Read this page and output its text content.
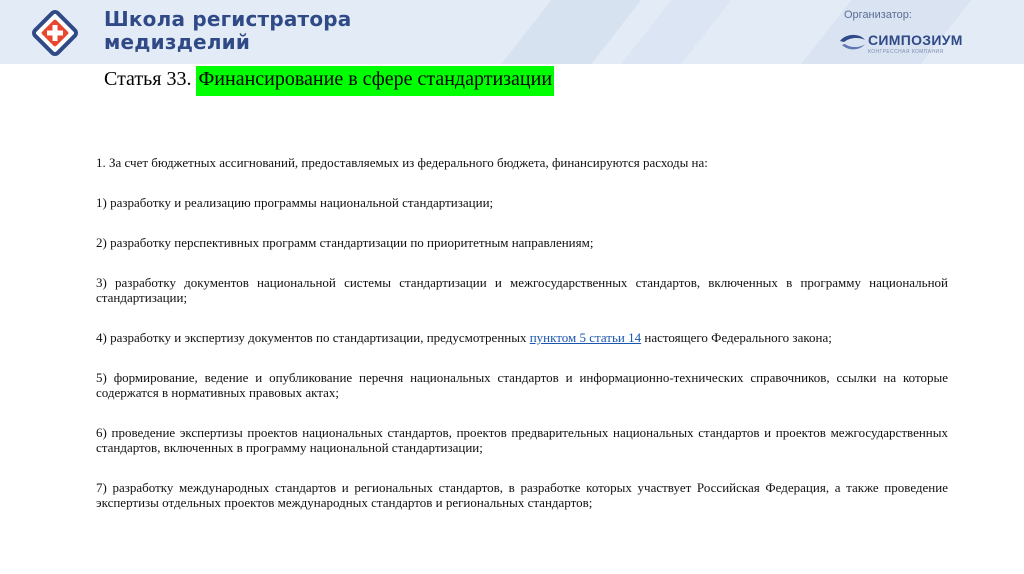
Школа регистратора
медизделий
Организатор:
СИМПОЗИУМ
КОНГРЕССНАЯ КОМПАНИЯ
Статья 33. Финансирование в сфере стандартизации

1. За счет бюджетных ассигнований, предоставляемых из федерального бюджета, финансируются расходы на:

1) разработку и реализацию программы национальной стандартизации;

2) разработку перспективных программ стандартизации по приоритетным направлениям;

3) разработку документов национальной системы стандартизации и межгосударственных стандартов, включенных в программу национальной стандартизации;

4) разработку и экспертизу документов по стандартизации, предусмотренных пунктом 5 статьи 14 настоящего Федерального закона;

5) формирование, ведение и опубликование перечня национальных стандартов и информационно-технических справочников, ссылки на которые содержатся в нормативных правовых актах;

6) проведение экспертизы проектов национальных стандартов, проектов предварительных национальных стандартов и проектов межгосударственных стандартов, включенных в программу национальной стандартизации;

7) разработку международных стандартов и региональных стандартов, в разработке которых участвует Российская Федерация, а также проведение экспертизы отдельных проектов международных стандартов и региональных стандартов;
